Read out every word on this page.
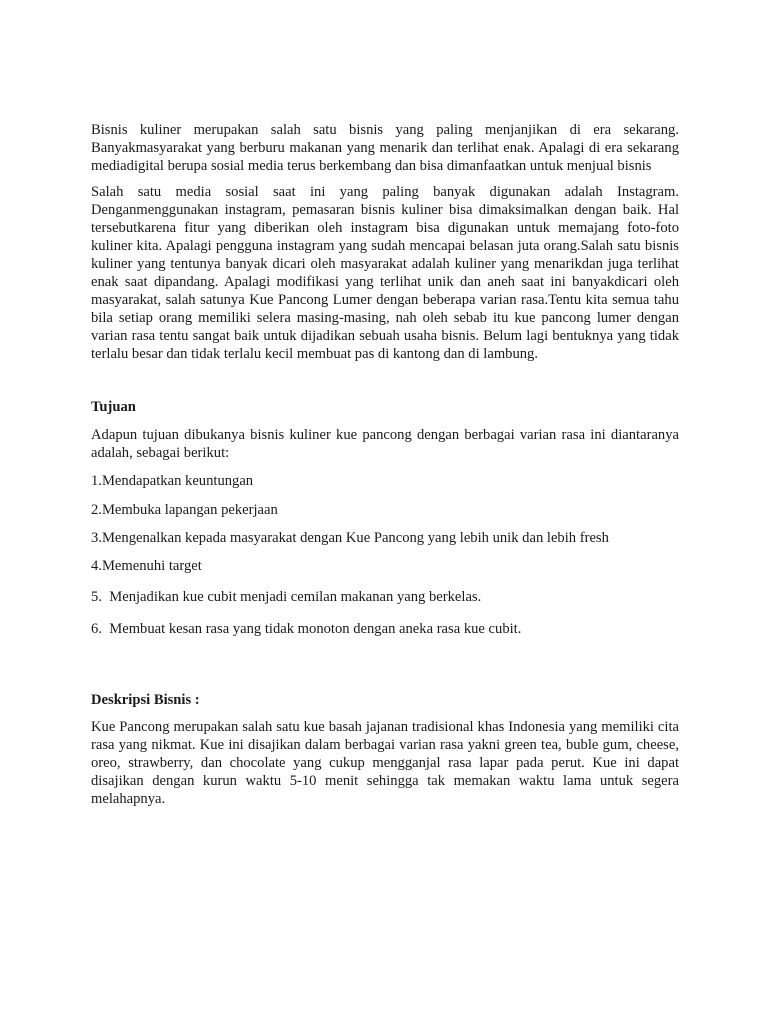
Bisnis kuliner merupakan salah satu bisnis yang paling menjanjikan di era sekarang. Banyakmasyarakat yang berburu makanan yang menarik dan terlihat enak. Apalagi di era sekarang mediadigital berupa sosial media terus berkembang dan bisa dimanfaatkan untuk menjual bisnis

Salah satu media sosial saat ini yang paling banyak digunakan adalah Instagram. Denganmenggunakan instagram, pemasaran bisnis kuliner bisa dimaksimalkan dengan baik. Hal tersebutkarena fitur yang diberikan oleh instagram bisa digunakan untuk memajang foto-foto kuliner kita. Apalagi pengguna instagram yang sudah mencapai belasan juta orang.Salah satu bisnis kuliner yang tentunya banyak dicari oleh masyarakat adalah kuliner yang menarikdan juga terlihat enak saat dipandang. Apalagi modifikasi yang terlihat unik dan aneh saat ini banyakdicari oleh masyarakat, salah satunya Kue Pancong Lumer dengan beberapa varian rasa.Tentu kita semua tahu bila setiap orang memiliki selera masing-masing, nah oleh sebab itu kue pancong lumer dengan varian rasa tentu sangat baik untuk dijadikan sebuah usaha bisnis. Belum lagi bentuknya yang tidak terlalu besar dan tidak terlalu kecil membuat pas di kantong dan di lambung.

Tujuan

Adapun tujuan dibukanya bisnis kuliner kue pancong dengan berbagai varian rasa ini diantaranya adalah, sebagai berikut:

1.Mendapatkan keuntungan

2.Membuka lapangan pekerjaan

3.Mengenalkan kepada masyarakat dengan Kue Pancong yang lebih unik dan lebih fresh

4.Memenuhi target

5.  Menjadikan kue cubit menjadi cemilan makanan yang berkelas.

6.  Membuat kesan rasa yang tidak monoton dengan aneka rasa kue cubit.

Deskripsi Bisnis :

Kue Pancong merupakan salah satu kue basah jajanan tradisional khas Indonesia yang memiliki cita rasa yang nikmat. Kue ini disajikan dalam berbagai varian rasa yakni green tea, buble gum, cheese, oreo, strawberry, dan chocolate yang cukup mengganjal rasa lapar pada perut. Kue ini dapat disajikan dengan kurun waktu 5-10 menit sehingga tak memakan waktu lama untuk segera melahapnya.
